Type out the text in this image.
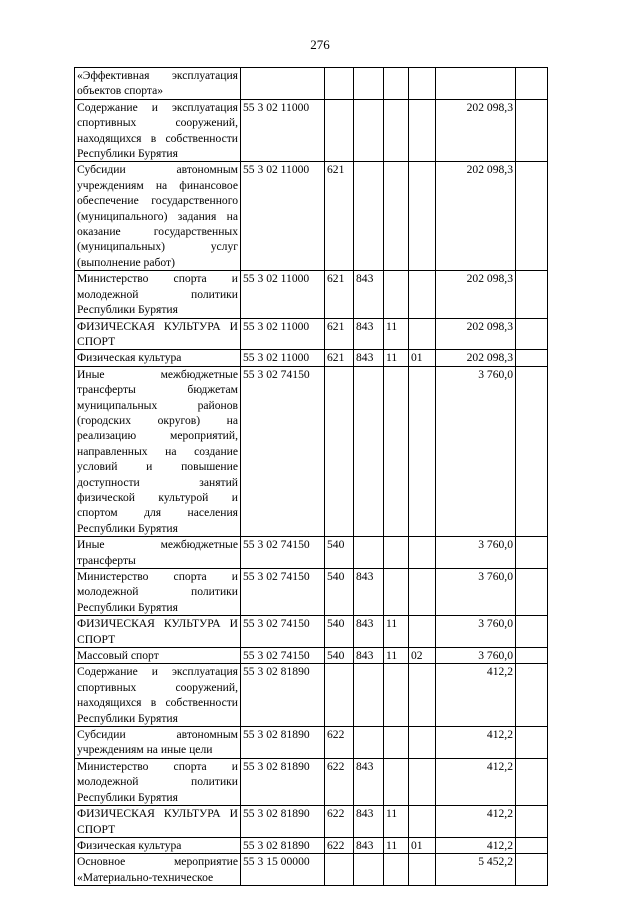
276
«Эффективная эксплуатация объектов спорта»							
Содержание и эксплуатация спортивных сооружений, находящихся в собственности Республики Бурятия	55 3 02 11000					202 098,3	
Субсидии автономным учреждениям на финансовое обеспечение государственного (муниципального) задания на оказание государственных (муниципальных) услуг (выполнение работ)	55 3 02 11000	621				202 098,3	
Министерство спорта и молодежной политики Республики Бурятия	55 3 02 11000	621	843			202 098,3	
ФИЗИЧЕСКАЯ КУЛЬТУРА И СПОРТ	55 3 02 11000	621	843	11		202 098,3	
Физическая культура	55 3 02 11000	621	843	11	01	202 098,3	
Иные межбюджетные трансферты бюджетам муниципальных районов (городских округов) на реализацию мероприятий, направленных на создание условий и повышение доступности занятий физической культурой и спортом для населения Республики Бурятия	55 3 02 74150					3 760,0	
Иные межбюджетные трансферты	55 3 02 74150	540				3 760,0	
Министерство спорта и молодежной политики Республики Бурятия	55 3 02 74150	540	843			3 760,0	
ФИЗИЧЕСКАЯ КУЛЬТУРА И СПОРТ	55 3 02 74150	540	843	11		3 760,0	
Массовый спорт	55 3 02 74150	540	843	11	02	3 760,0	
Содержание и эксплуатация спортивных сооружений, находящихся в собственности Республики Бурятия	55 3 02 81890					412,2	
Субсидии автономным учреждениям на иные цели	55 3 02 81890	622				412,2	
Министерство спорта и молодежной политики Республики Бурятия	55 3 02 81890	622	843			412,2	
ФИЗИЧЕСКАЯ КУЛЬТУРА И СПОРТ	55 3 02 81890	622	843	11		412,2	
Физическая культура	55 3 02 81890	622	843	11	01	412,2	
Основное мероприятие «Материально-техническое	55 3 15 00000					5 452,2	
